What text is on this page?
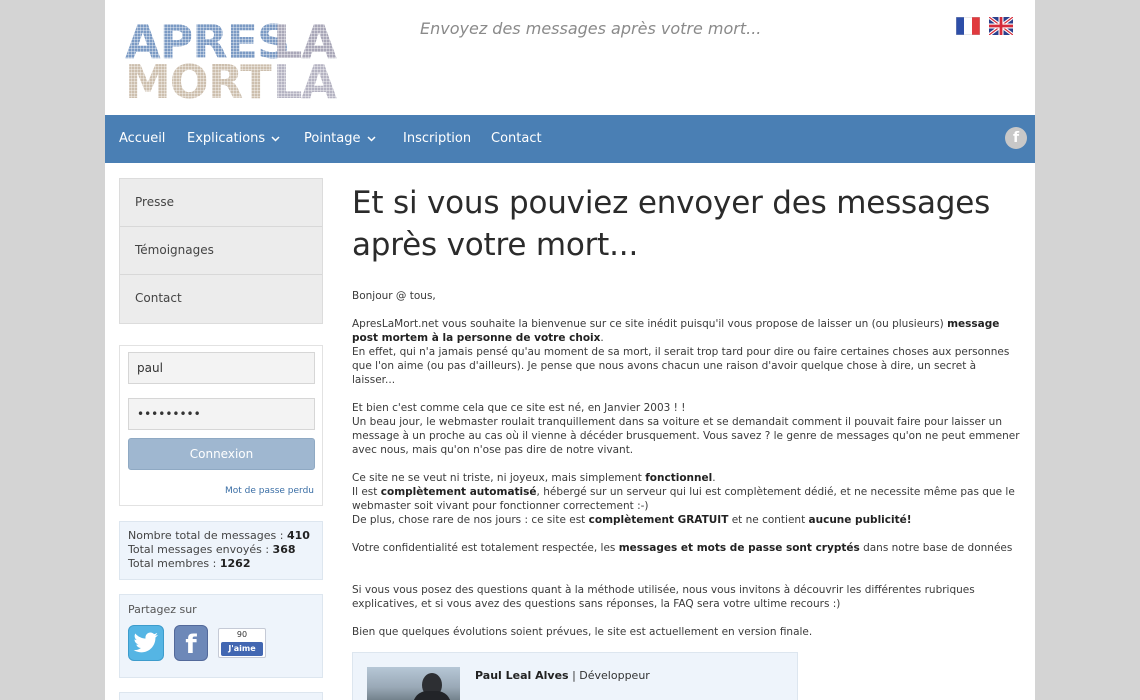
Envoyez des messages après votre mort...
Accueil Explications	Pointage	Inscription Contact	f
Presse
Témoignages
Contact
paul
•••••••••
Connexion
Mot de passe perdu
Nombre total de messages : 410
Total messages envoyés : 368
Total membres : 1262
Partagez sur
f	90
J'aime
Et si vous pouviez envoyer des messages après votre mort...

Bonjour @ tous,

ApresLaMort.net vous souhaite la bienvenue sur ce site inédit puisqu'il vous propose de laisser un (ou plusieurs) message post mortem à la personne de votre choix.
En effet, qui n'a jamais pensé qu'au moment de sa mort, il serait trop tard pour dire ou faire certaines choses aux personnes que l'on aime (ou pas d'ailleurs). Je pense que nous avons chacun une raison d'avoir quelque chose à dire, un secret à laisser...

Et bien c'est comme cela que ce site est né, en Janvier 2003 ! !
Un beau jour, le webmaster roulait tranquillement dans sa voiture et se demandait comment il pouvait faire pour laisser un message à un proche au cas où il vienne à décéder brusquement. Vous savez ? le genre de messages qu'on ne peut emmener avec nous, mais qu'on n'ose pas dire de notre vivant.

Ce site ne se veut ni triste, ni joyeux, mais simplement fonctionnel.
Il est complètement automatisé, hébergé sur un serveur qui lui est complètement dédié, et ne necessite même pas que le webmaster soit vivant pour fonctionner correctement :-)
De plus, chose rare de nos jours : ce site est complètement GRATUIT et ne contient aucune publicité!

Votre confidentialité est totalement respectée, les messages et mots de passe sont cryptés dans notre base de données

Si vous vous posez des questions quant à la méthode utilisée, nous vous invitons à découvrir les différentes rubriques explicatives, et si vous avez des questions sans réponses, la FAQ sera votre ultime recours :)

Bien que quelques évolutions soient prévues, le site est actuellement en version finale.

Paul Leal Alves | Développeur
